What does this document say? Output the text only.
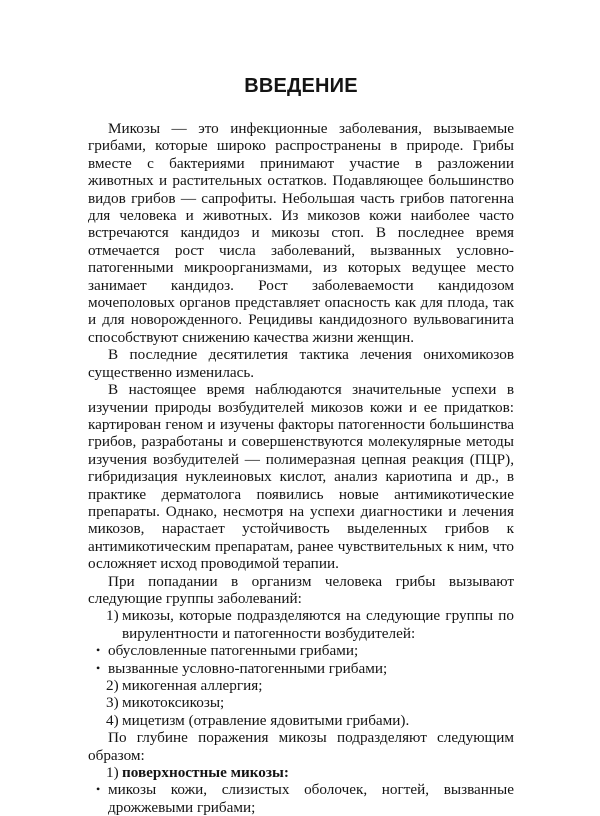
ВВЕДЕНИЕ

Микозы — это инфекционные заболевания, вызываемые грибами, которые широко распространены в природе. Грибы вместе с бактериями принимают участие в разложении животных и растительных остатков. Подавляющее большинство видов грибов — сапрофиты. Небольшая часть грибов патогенна для человека и животных. Из микозов кожи наиболее часто встречаются кандидоз и микозы стоп. В последнее время отмечается рост числа заболеваний, вызванных условно-патогенными микроорганизмами, из которых ведущее место занимает кандидоз. Рост заболеваемости кандидозом мочеполовых органов представляет опасность как для плода, так и для новорожденного. Рецидивы кандидозного вульвовагинита способствуют снижению качества жизни женщин.

В последние десятилетия тактика лечения онихомикозов существенно изменилась.

В настоящее время наблюдаются значительные успехи в изучении природы возбудителей микозов кожи и ее придатков: картирован геном и изучены факторы патогенности большинства грибов, разработаны и совершенствуются молекулярные методы изучения возбудителей — полимеразная цепная реакция (ПЦР), гибридизация нуклеиновых кислот, анализ кариотипа и др., в практике дерматолога появились новые антимикотические препараты. Однако, несмотря на успехи диагностики и лечения микозов, нарастает устойчивость выделенных грибов к антимикотическим препаратам, ранее чувствительных к ним, что осложняет исход проводимой терапии.

При попадании в организм человека грибы вызывают следующие группы заболеваний:

1) микозы, которые подразделяются на следующие группы по вирулентности и патогенности возбудителей:
• обусловленные патогенными грибами;
• вызванные условно-патогенными грибами;
2) микогенная аллергия;
3) микотоксикозы;
4) мицетизм (отравление ядовитыми грибами).

По глубине поражения микозы подразделяют следующим образом:

1) поверхностные микозы:
• микозы кожи, слизистых оболочек, ногтей, вызванные дрожжевыми грибами;
